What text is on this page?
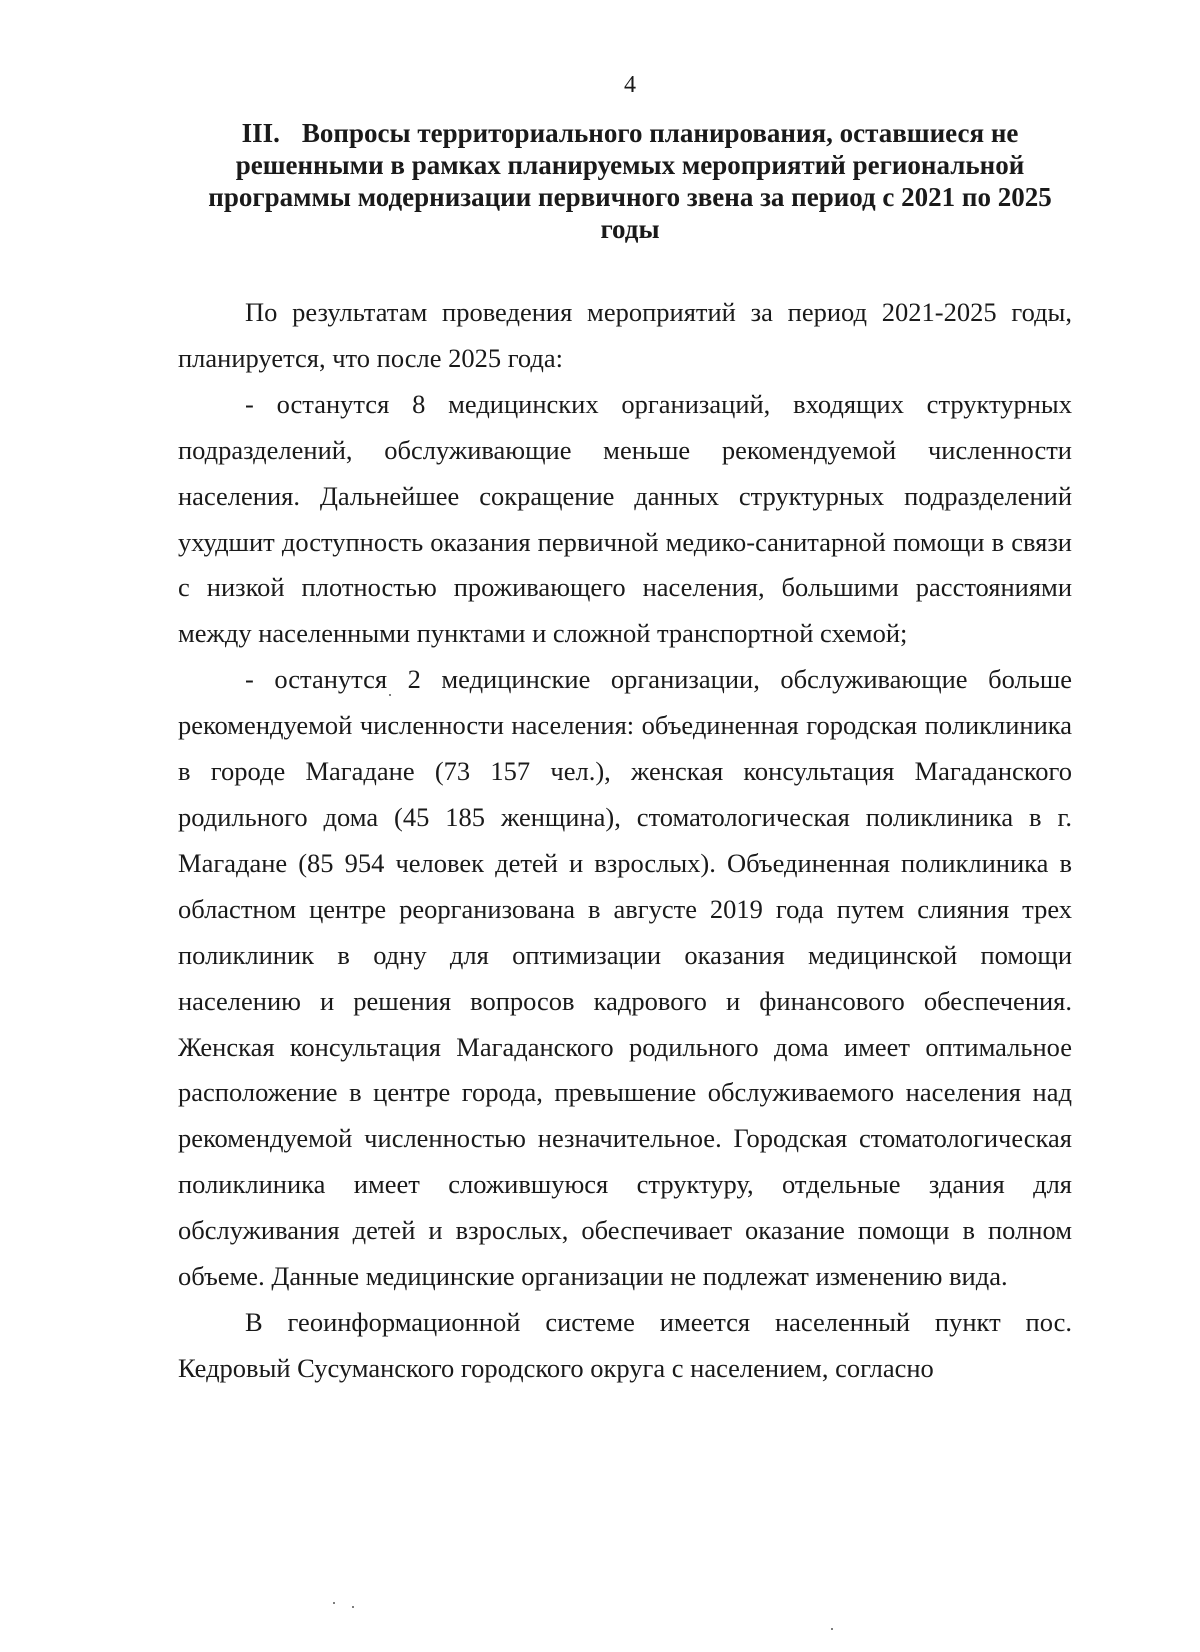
4
III. Вопросы территориального планирования, оставшиеся не решенными в рамках планируемых мероприятий региональной программы модернизации первичного звена за период с 2021 по 2025 годы

По результатам проведения мероприятий за период 2021-2025 годы, планируется, что после 2025 года:

- останутся 8 медицинских организаций, входящих структурных подразделений, обслуживающие меньше рекомендуемой численности населения. Дальнейшее сокращение данных структурных подразделений ухудшит доступность оказания первичной медико-санитарной помощи в связи с низкой плотностью проживающего населения, большими расстояниями между населенными пунктами и сложной транспортной схемой;

- останутся 2 медицинские организации, обслуживающие больше рекомендуемой численности населения: объединенная городская поликлиника в городе Магадане (73 157 чел.), женская консультация Магаданского родильного дома (45 185 женщина), стоматологическая поликлиника в г. Магадане (85 954 человек детей и взрослых). Объединенная поликлиника в областном центре реорганизована в августе 2019 года путем слияния трех поликлиник в одну для оптимизации оказания медицинской помощи населению и решения вопросов кадрового и финансового обеспечения. Женская консультация Магаданского родильного дома имеет оптимальное расположение в центре города, превышение обслуживаемого населения над рекомендуемой численностью незначительное. Городская стоматологическая поликлиника имеет сложившуюся структуру, отдельные здания для обслуживания детей и взрослых, обеспечивает оказание помощи в полном объеме. Данные медицинские организации не подлежат изменению вида.

В геоинформационной системе имеется населенный пункт пос. Кедровый Сусуманского городского округа с населением, согласно
